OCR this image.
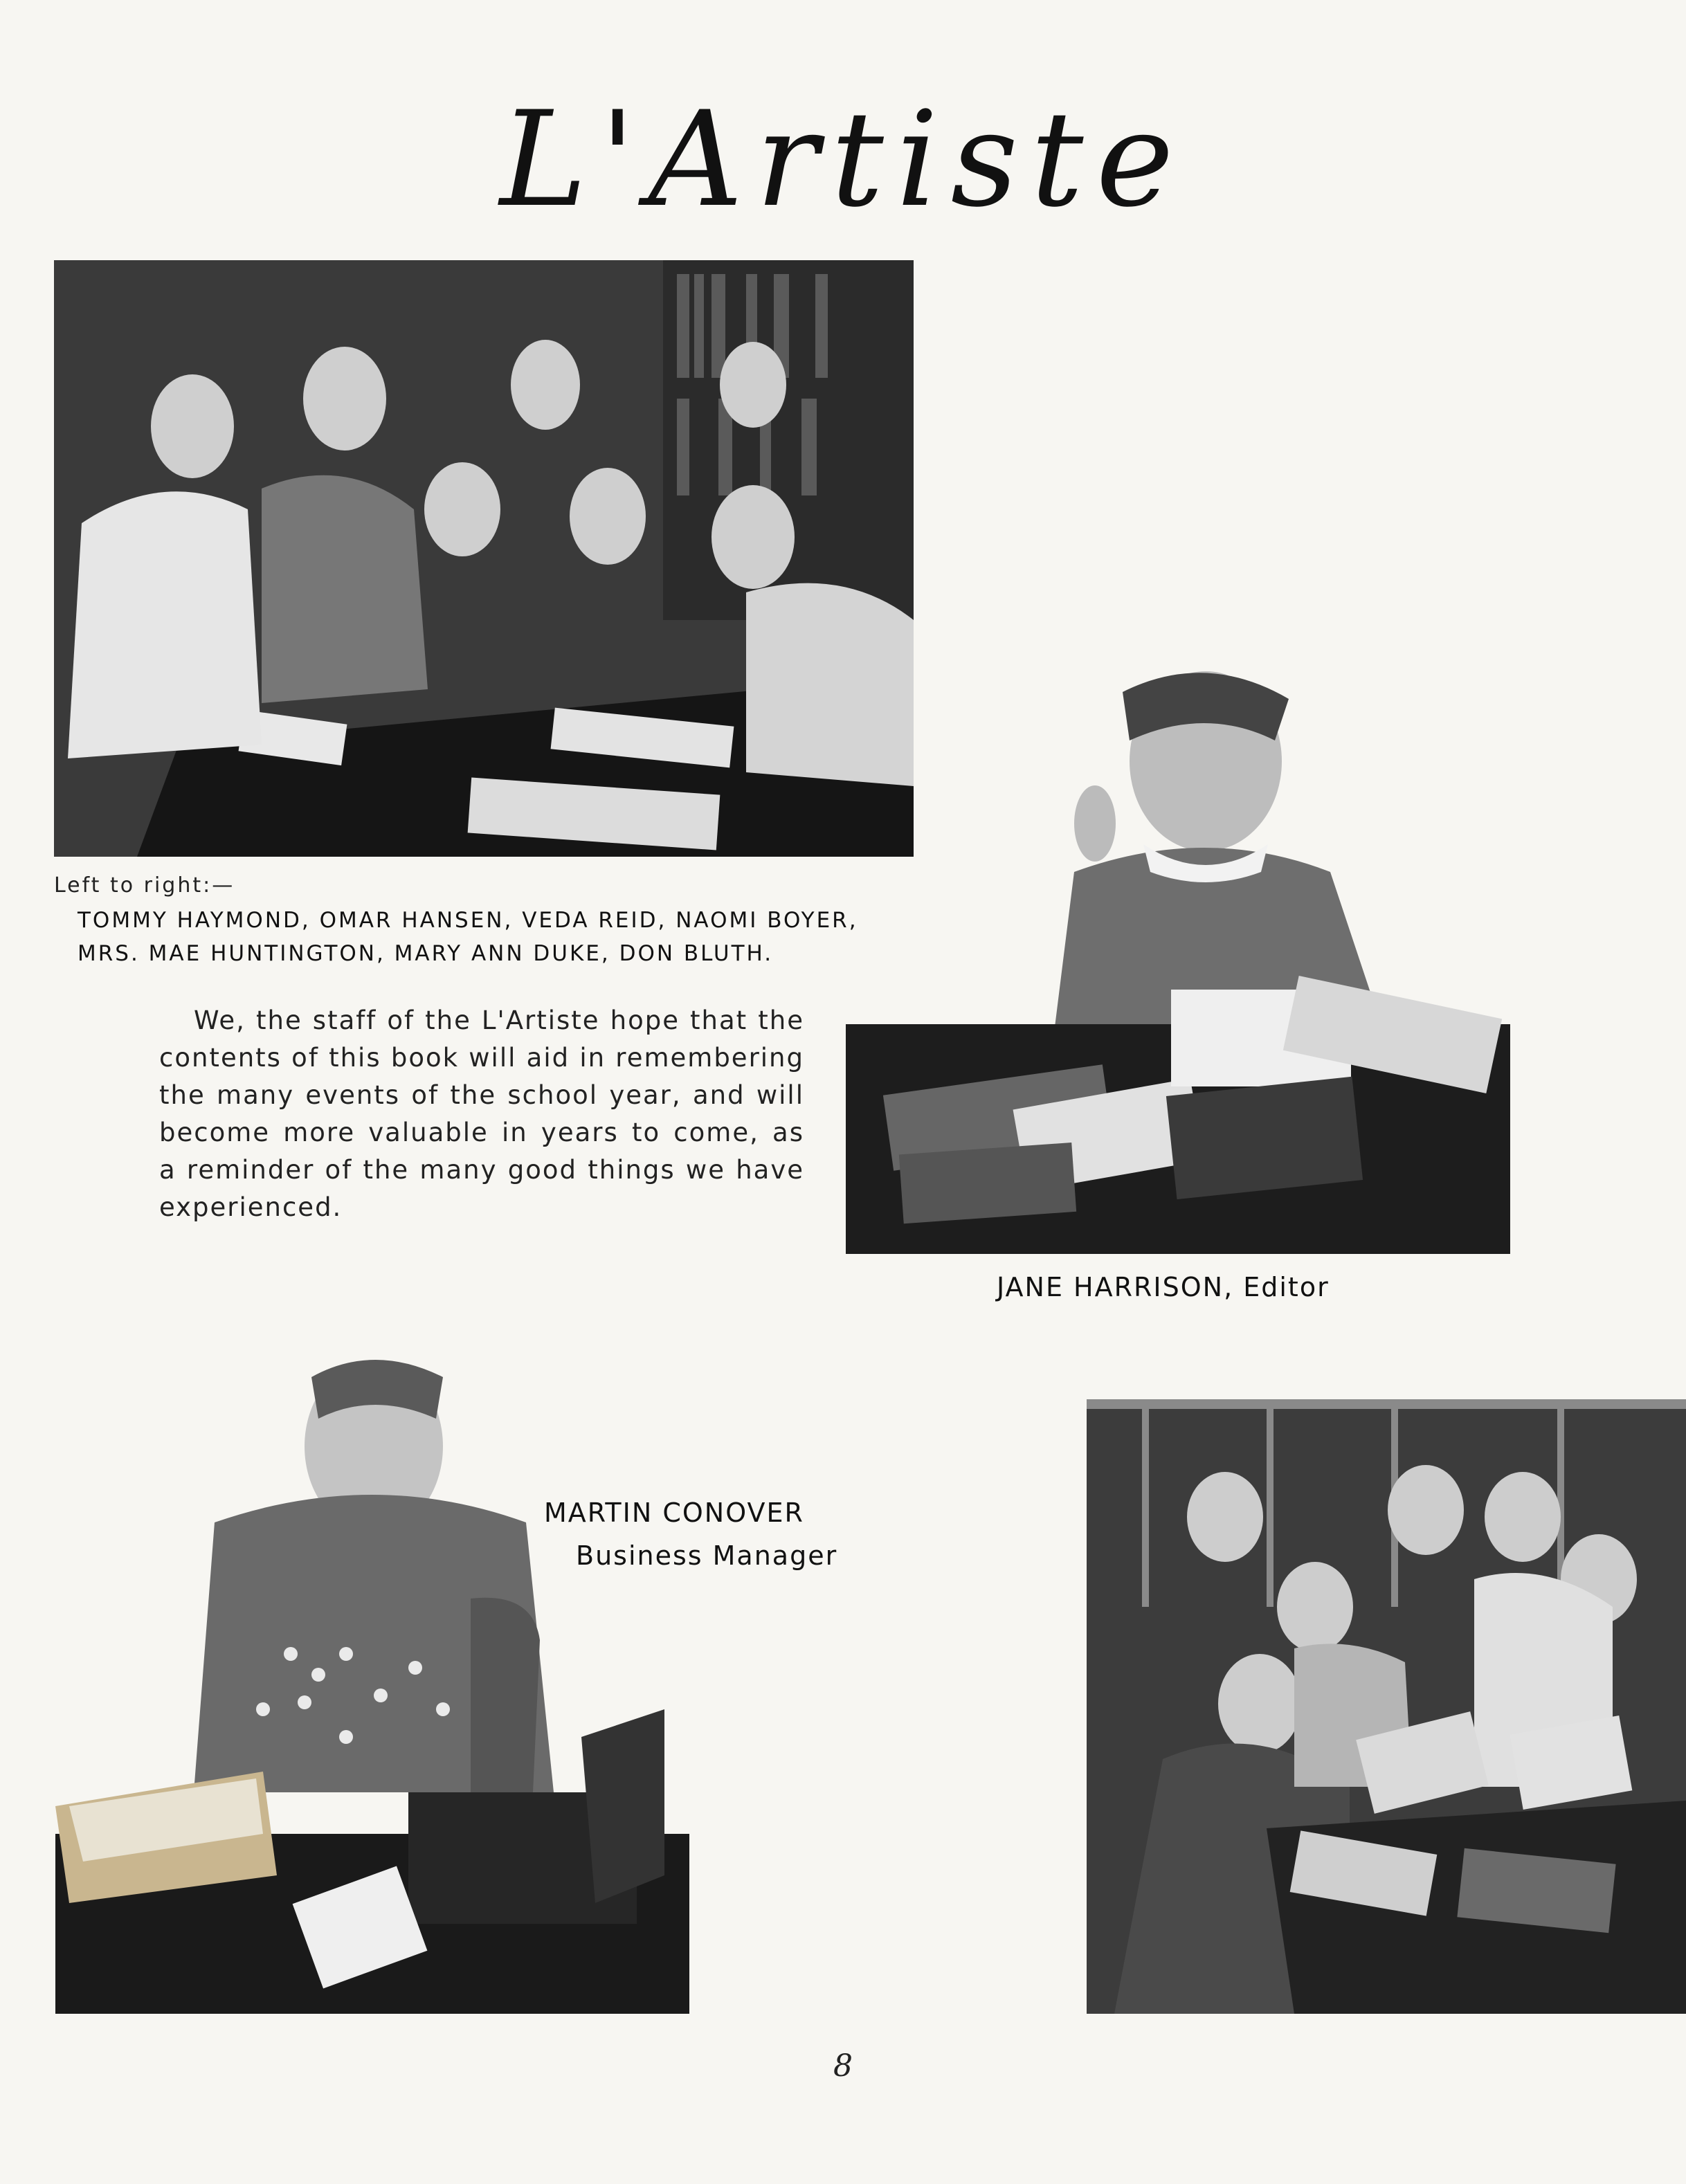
L'Artiste
Left to right:—
TOMMY HAYMOND, OMAR HANSEN, VEDA REID, NAOMI BOYER, MRS. MAE HUNTINGTON, MARY ANN DUKE, DON BLUTH.
We, the staff of the L'Artiste hope that the contents of this book will aid in remembering the many events of the school year, and will become more valuable in years to come, as a reminder of the many good things we have experienced.
JANE HARRISON, Editor
MARTIN CONOVER
Business Manager
8
